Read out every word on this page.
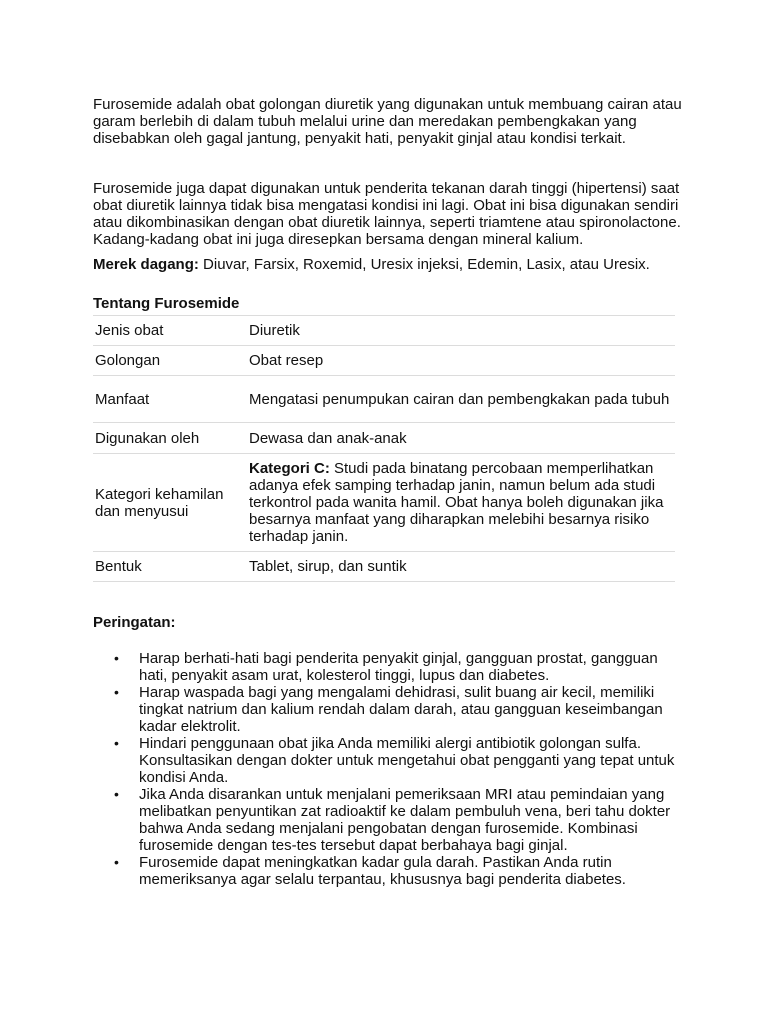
Furosemide adalah obat golongan diuretik yang digunakan untuk membuang cairan atau garam berlebih di dalam tubuh melalui urine dan meredakan pembengkakan yang disebabkan oleh gagal jantung, penyakit hati, penyakit ginjal atau kondisi terkait.

Furosemide juga dapat digunakan untuk penderita tekanan darah tinggi (hipertensi) saat obat diuretik lainnya tidak bisa mengatasi kondisi ini lagi. Obat ini bisa digunakan sendiri atau dikombinasikan dengan obat diuretik lainnya, seperti triamtene atau spironolactone. Kadang-kadang obat ini juga diresepkan bersama dengan mineral kalium.

Merek dagang: Diuvar, Farsix, Roxemid, Uresix injeksi, Edemin, Lasix, atau Uresix.

Tentang Furosemide
Jenis obat	Diuretik
Golongan	Obat resep
Manfaat	Mengatasi penumpukan cairan dan pembengkakan pada tubuh
Digunakan oleh	Dewasa dan anak-anak
Kategori kehamilan dan menyusui	Kategori C: Studi pada binatang percobaan memperlihatkan adanya efek samping terhadap janin, namun belum ada studi terkontrol pada wanita hamil. Obat hanya boleh digunakan jika besarnya manfaat yang diharapkan melebihi besarnya risiko terhadap janin.
Bentuk	Tablet, sirup, dan suntik
Peringatan:
• Harap berhati-hati bagi penderita penyakit ginjal, gangguan prostat, gangguan hati, penyakit asam urat, kolesterol tinggi, lupus dan diabetes.
• Harap waspada bagi yang mengalami dehidrasi, sulit buang air kecil, memiliki tingkat natrium dan kalium rendah dalam darah, atau gangguan keseimbangan kadar elektrolit.
• Hindari penggunaan obat jika Anda memiliki alergi antibiotik golongan sulfa. Konsultasikan dengan dokter untuk mengetahui obat pengganti yang tepat untuk kondisi Anda.
• Jika Anda disarankan untuk menjalani pemeriksaan MRI atau pemindaian yang melibatkan penyuntikan zat radioaktif ke dalam pembuluh vena, beri tahu dokter bahwa Anda sedang menjalani pengobatan dengan furosemide. Kombinasi furosemide dengan tes-tes tersebut dapat berbahaya bagi ginjal.
• Furosemide dapat meningkatkan kadar gula darah. Pastikan Anda rutin memeriksanya agar selalu terpantau, khususnya bagi penderita diabetes.
